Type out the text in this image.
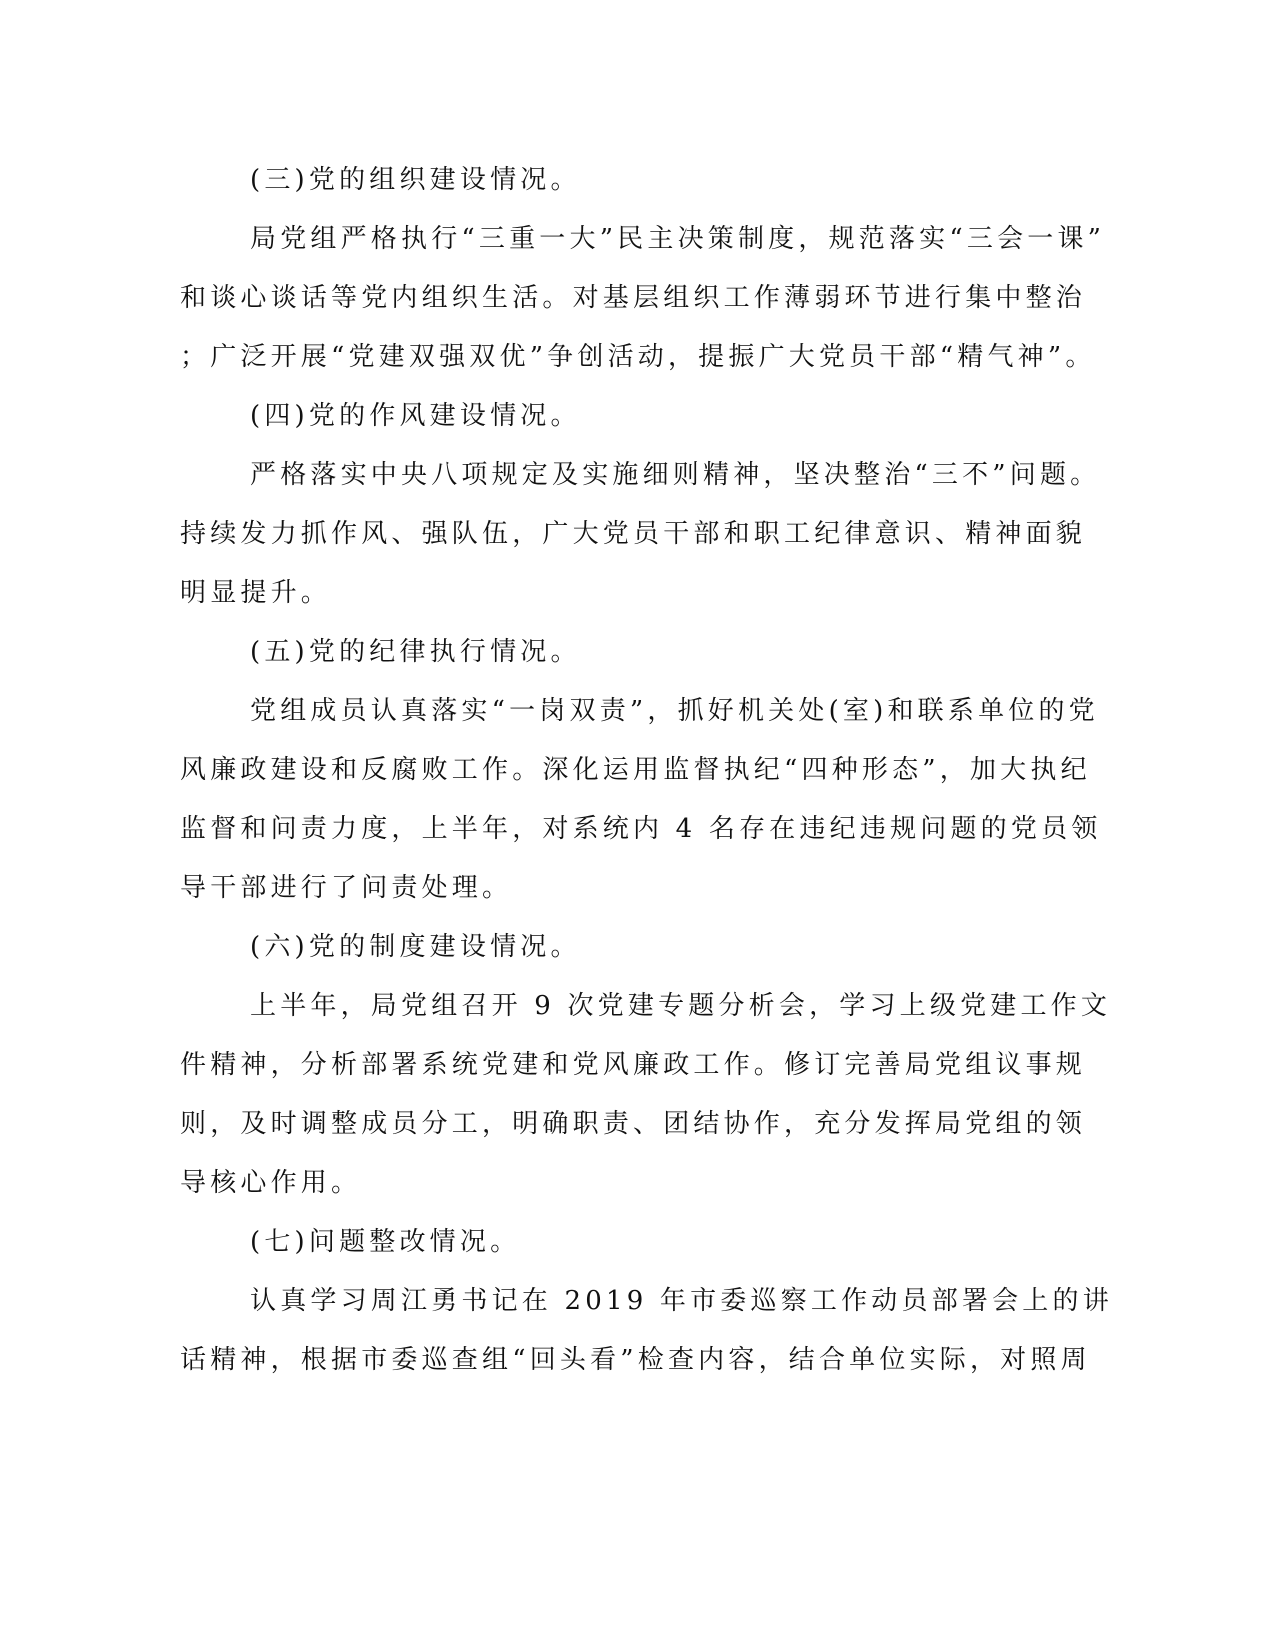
(三)党的组织建设情况。
局党组严格执行“三重一大”民主决策制度，规范落实“三会一课”
和谈心谈话等党内组织生活。对基层组织工作薄弱环节进行集中整治
；广泛开展“党建双强双优”争创活动，提振广大党员干部“精气神”。
(四)党的作风建设情况。
严格落实中央八项规定及实施细则精神，坚决整治“三不”问题。
持续发力抓作风、强队伍，广大党员干部和职工纪律意识、精神面貌
明显提升。
(五)党的纪律执行情况。
党组成员认真落实“一岗双责”，抓好机关处(室)和联系单位的党
风廉政建设和反腐败工作。深化运用监督执纪“四种形态”，加大执纪
监督和问责力度，上半年，对系统内 4 名存在违纪违规问题的党员领
导干部进行了问责处理。
(六)党的制度建设情况。
上半年，局党组召开 9 次党建专题分析会，学习上级党建工作文
件精神，分析部署系统党建和党风廉政工作。修订完善局党组议事规
则，及时调整成员分工，明确职责、团结协作，充分发挥局党组的领
导核心作用。
(七)问题整改情况。
认真学习周江勇书记在 2019 年市委巡察工作动员部署会上的讲
话精神，根据市委巡查组“回头看”检查内容，结合单位实际，对照周
